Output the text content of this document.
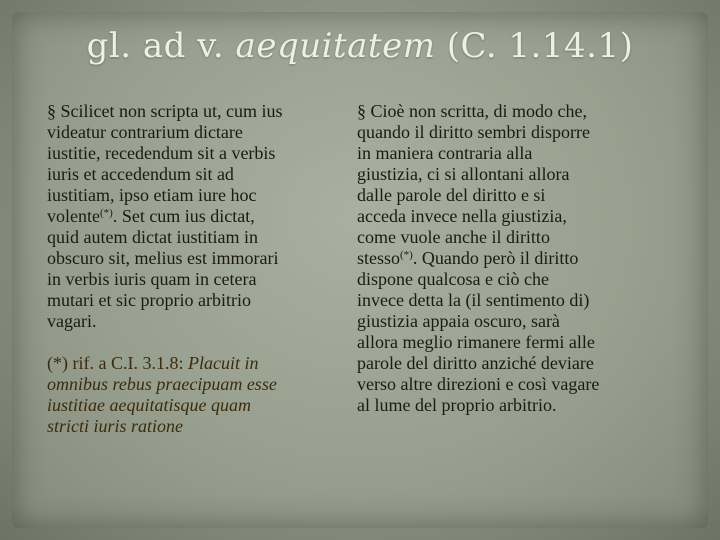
gl. ad v. aequitatem (C. 1.14.1)

§ Scilicet non scripta ut, cum ius

videatur contrarium dictare

iustitie, recedendum sit a verbis

iuris et accedendum sit ad

iustitiam, ipso etiam iure hoc

volente(*). Set cum ius dictat,

quid autem dictat iustitiam in

obscuro sit, melius est immorari

in verbis iuris quam in cetera

mutari et sic proprio arbitrio

vagari.

(*) rif. a C.I. 3.1.8: Placuit in

omnibus rebus praecipuam esse

iustitiae aequitatisque quam

stricti iuris ratione

§ Cioè non scritta, di modo che,

quando il diritto sembri disporre

in maniera contraria alla

giustizia, ci si allontani allora

dalle parole del diritto e si

acceda invece nella giustizia,

come vuole anche il diritto

stesso(*). Quando però il diritto

dispone qualcosa e ciò che

invece detta la (il sentimento di)

giustizia appaia oscuro, sarà

allora meglio rimanere fermi alle

parole del diritto anziché deviare

verso altre direzioni e così vagare

al lume del proprio arbitrio.
